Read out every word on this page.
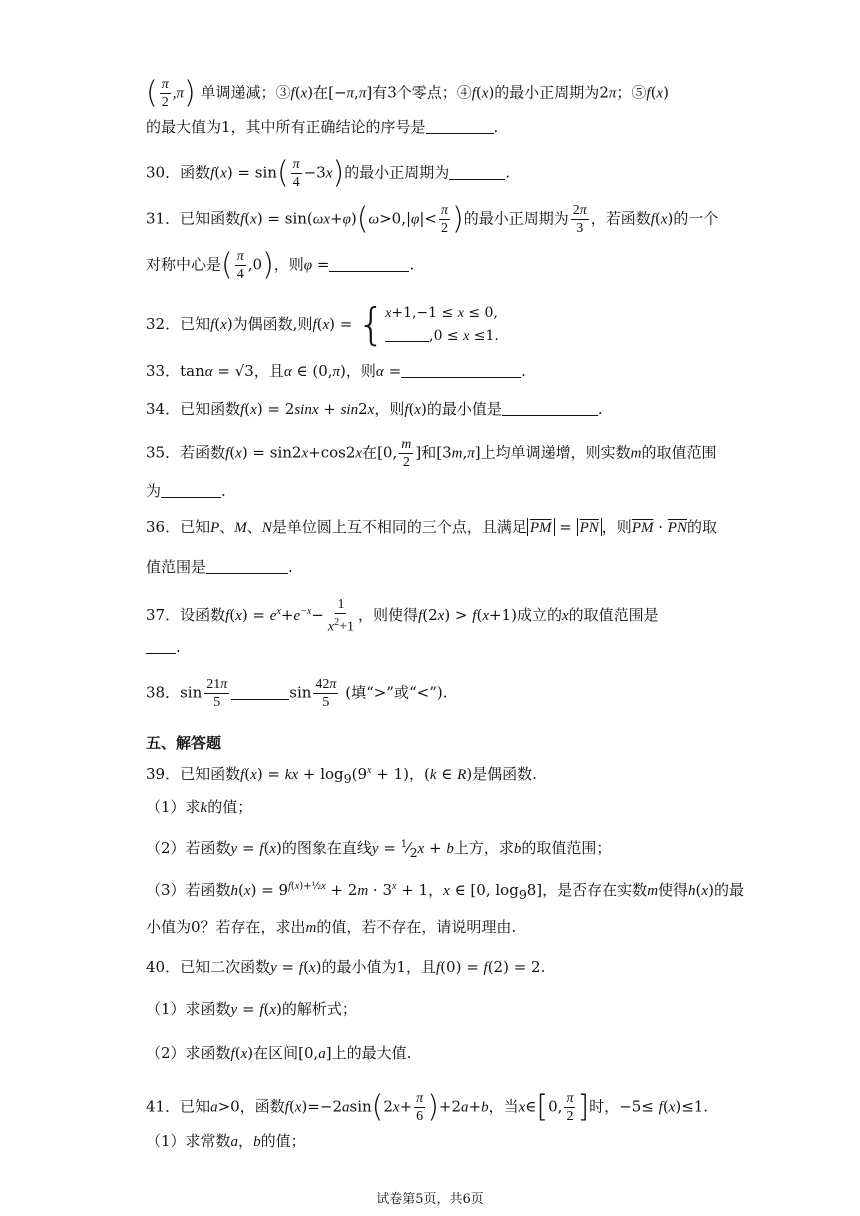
( $\frac{\pi}{2} ,\pi$) 单调递减；③f(x)在[−π,π]有3个零点；④f(x)的最小正周期为2π；⑤f(x)
的最大值为1，其中所有正确结论的序号是	.
30．函数$f(x) = \sin( \frac{\pi}{4} -3x)$的最小正周期为	.
31．已知函数$f(x) = \sin(\omega x+\varphi)(\omega>0,|\varphi|< \frac{\pi}{2}$ )的最小正周期为 $\frac{2\pi}{3}$ ，若函数f(x)的一个
对称中心是( $\frac{\pi}{4} ,0$)，则φ =	.
32．已知f(x)为偶函数,则f(x) = {x+1,−1 ≤ x ≤ 0,
,0 ≤ x ≤1.
33．tanα = √3，且α ∈ (0,π)，则α =	.
34．已知函数f(x) = 2sinx + sin2x，则f(x)的最小值是	.
35．若函数f(x) = sin2x+cos2x在[0, $\frac{m}{2}$ ]和[3m,π]上均单调递增，则实数m的取值范围
为	.
36．已知P、M、N是单位圆上互不相同的三个点，且满足 $\overline{PM} = \overline{PN}$ ，则$\overline{PM} \cdot \overline{PN}$的取
值范围是	.
37．设函数$f(x) = e^x+e^{-x}- \frac{1}{x^2+1}$ ，则使得f(2x) > f(x+1)成立的x的取值范围是
.
38．$\sin \frac{21\pi}{5}$	$\sin \frac{42\pi}{5}$ (填“>”或“<”).
五、解答题
39．已知函数f(x) = kx + $\log_9(9^x + 1)$，(k ∈ R)是偶函数.
（1）求k的值；
（2）若函数y = f(x)的图象在直线$y = ^1⁄_2x + b$上方，求b的取值范围；
（3）若函数$h(x) = 9^{f(x)+\frac{1}{2}x} + 2m \cdot 3^x + 1$，x ∈ [0, $\log_98$]，是否存在实数m使得h(x)的最
小值为0？若存在，求出m的值，若不存在，请说明理由.
40．已知二次函数y = f(x)的最小值为1，且f(0) = f(2) = 2.
（1）求函数y = f(x)的解析式；
（2）求函数f(x)在区间[0,a]上的最大值.
41．已知a>0，函数$f(x)=-2asin(2x+ \frac{\pi}{6} )+2a+b$，当x∈[0, $\frac{\pi}{2}$ ]时，−5≤ f(x)≤1.
（1）求常数a，b的值；
试卷第5页，共6页
